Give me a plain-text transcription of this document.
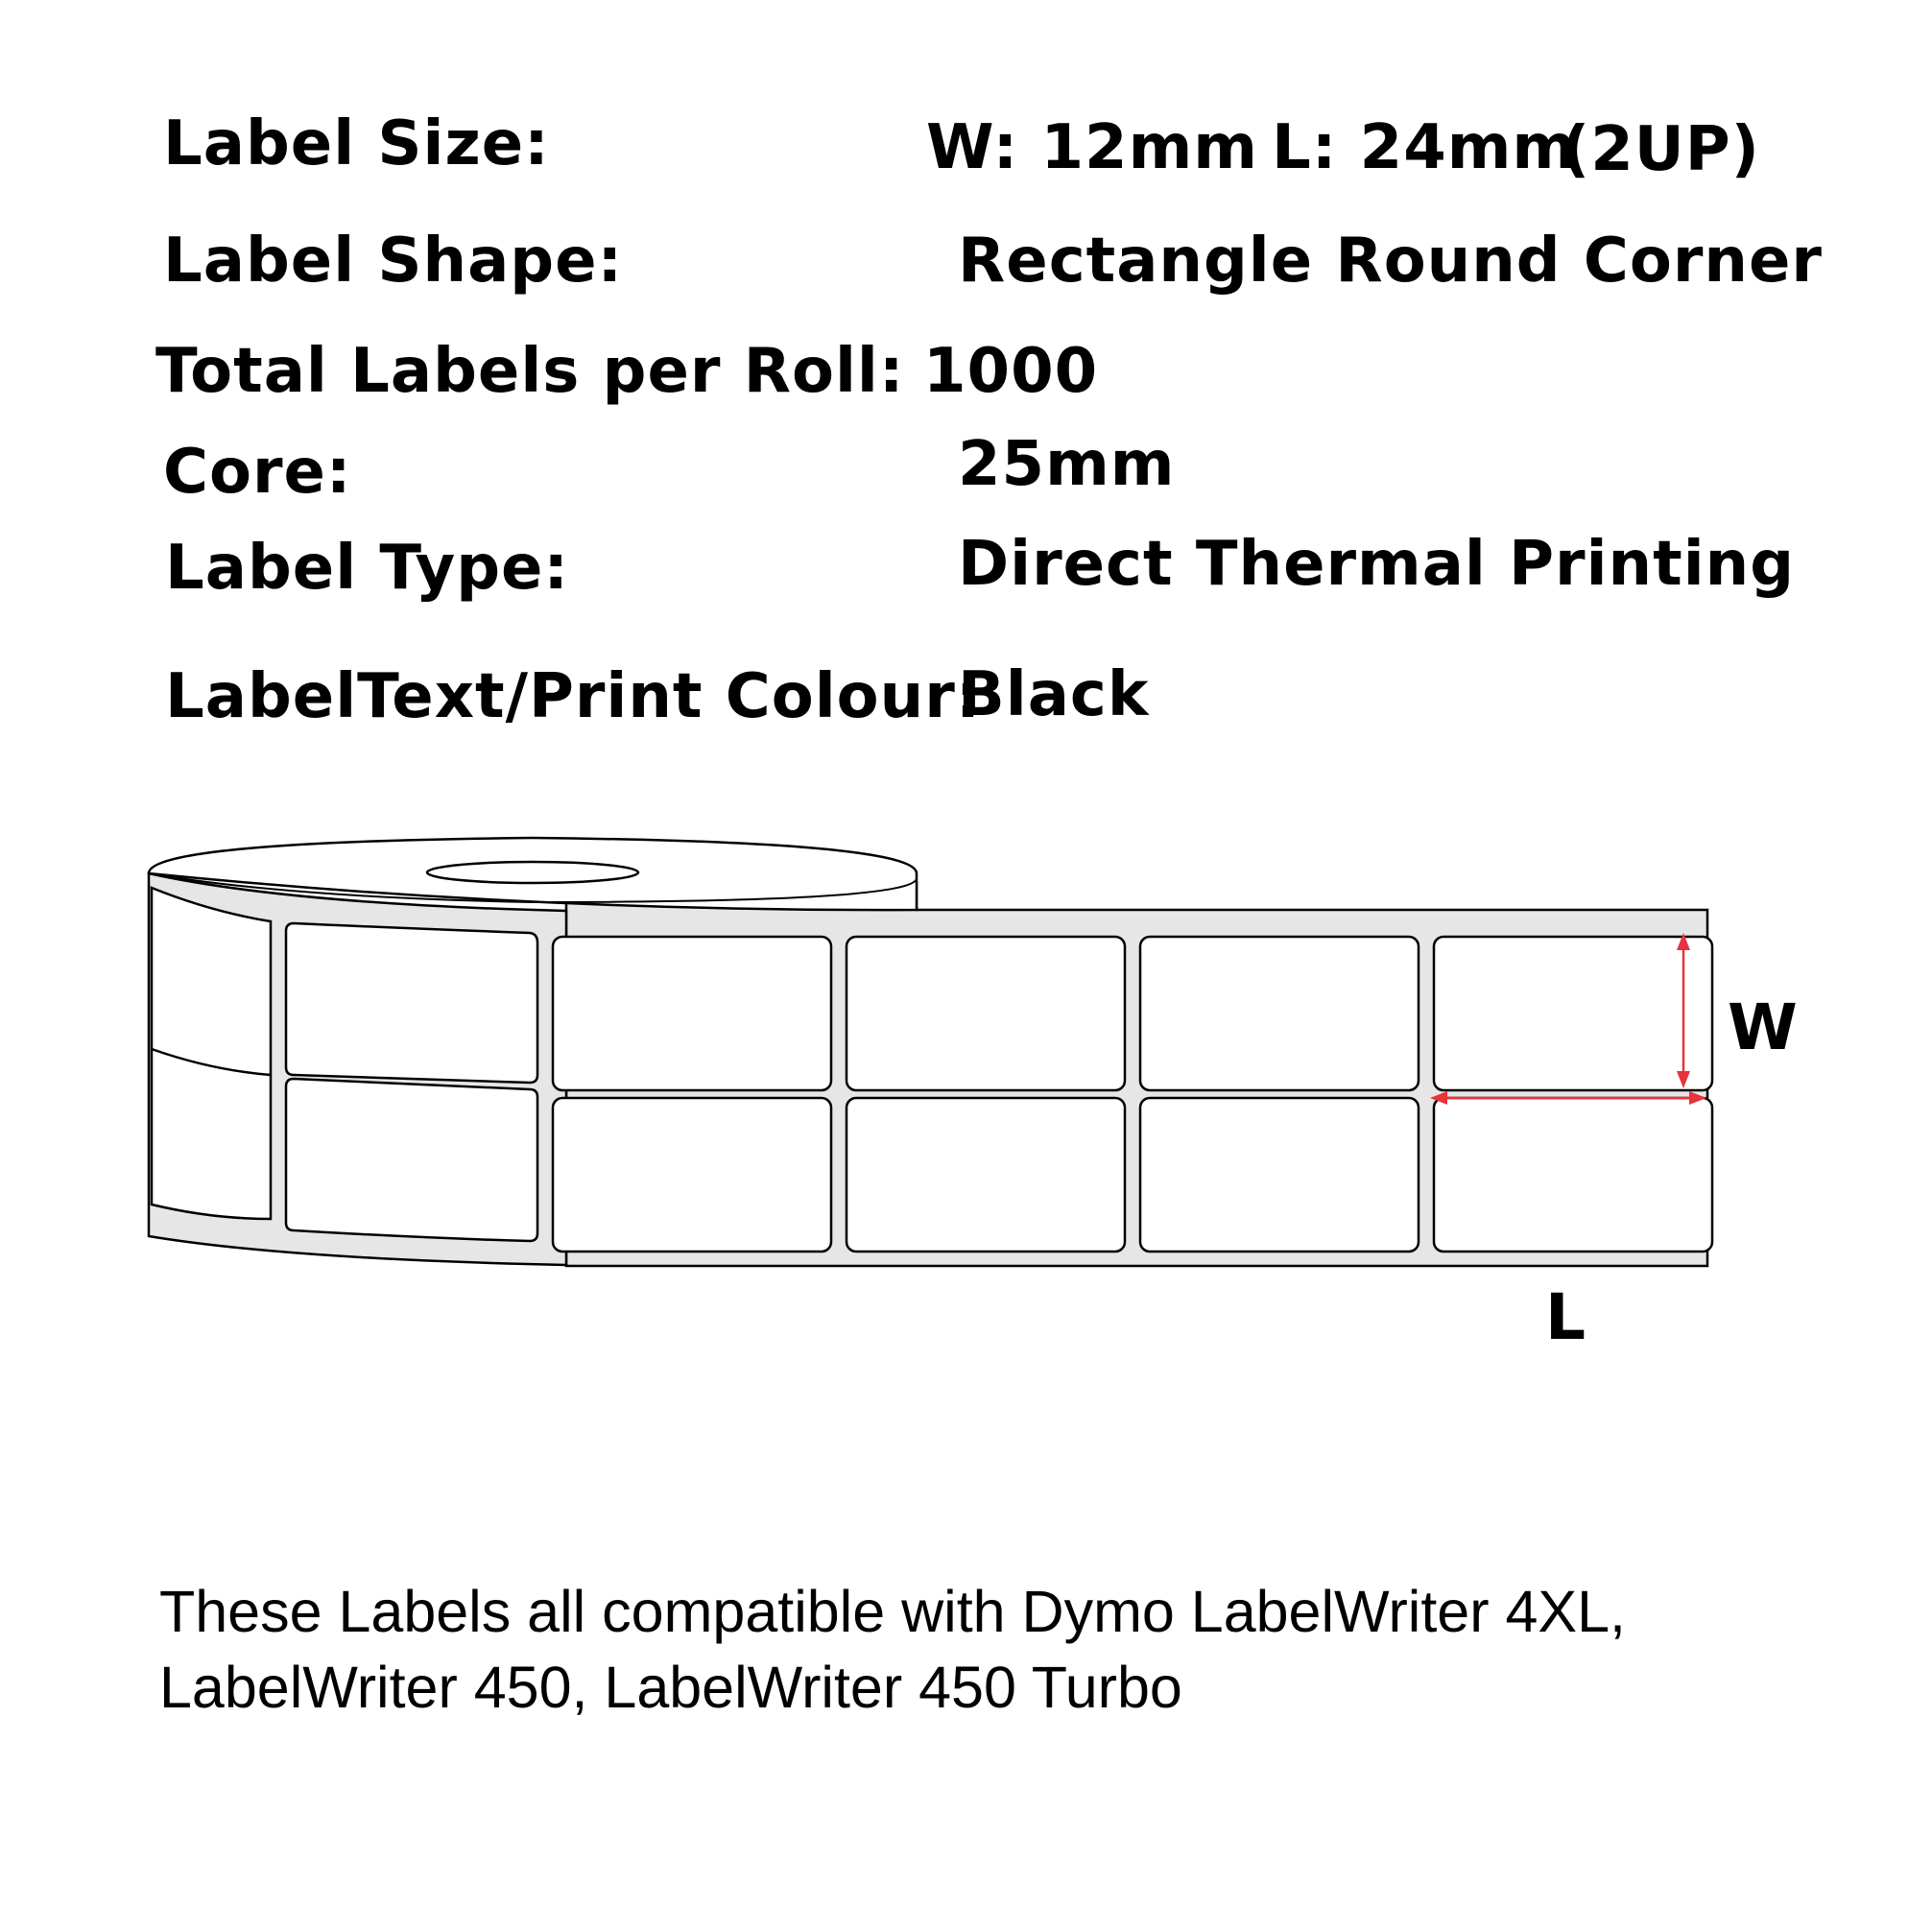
Label Size:	W: 12mm L: 24mm
(2UP)
Label Shape:	Rectangle Round Corner
Total Labels per Roll: 1000
Core:	25mm
Label Type:	Direct Thermal Printing
LabelText/Print Colour:
Black
W
L
These Labels all compatible with Dymo LabelWriter 4XL,
LabelWriter 450, LabelWriter 450 Turbo
